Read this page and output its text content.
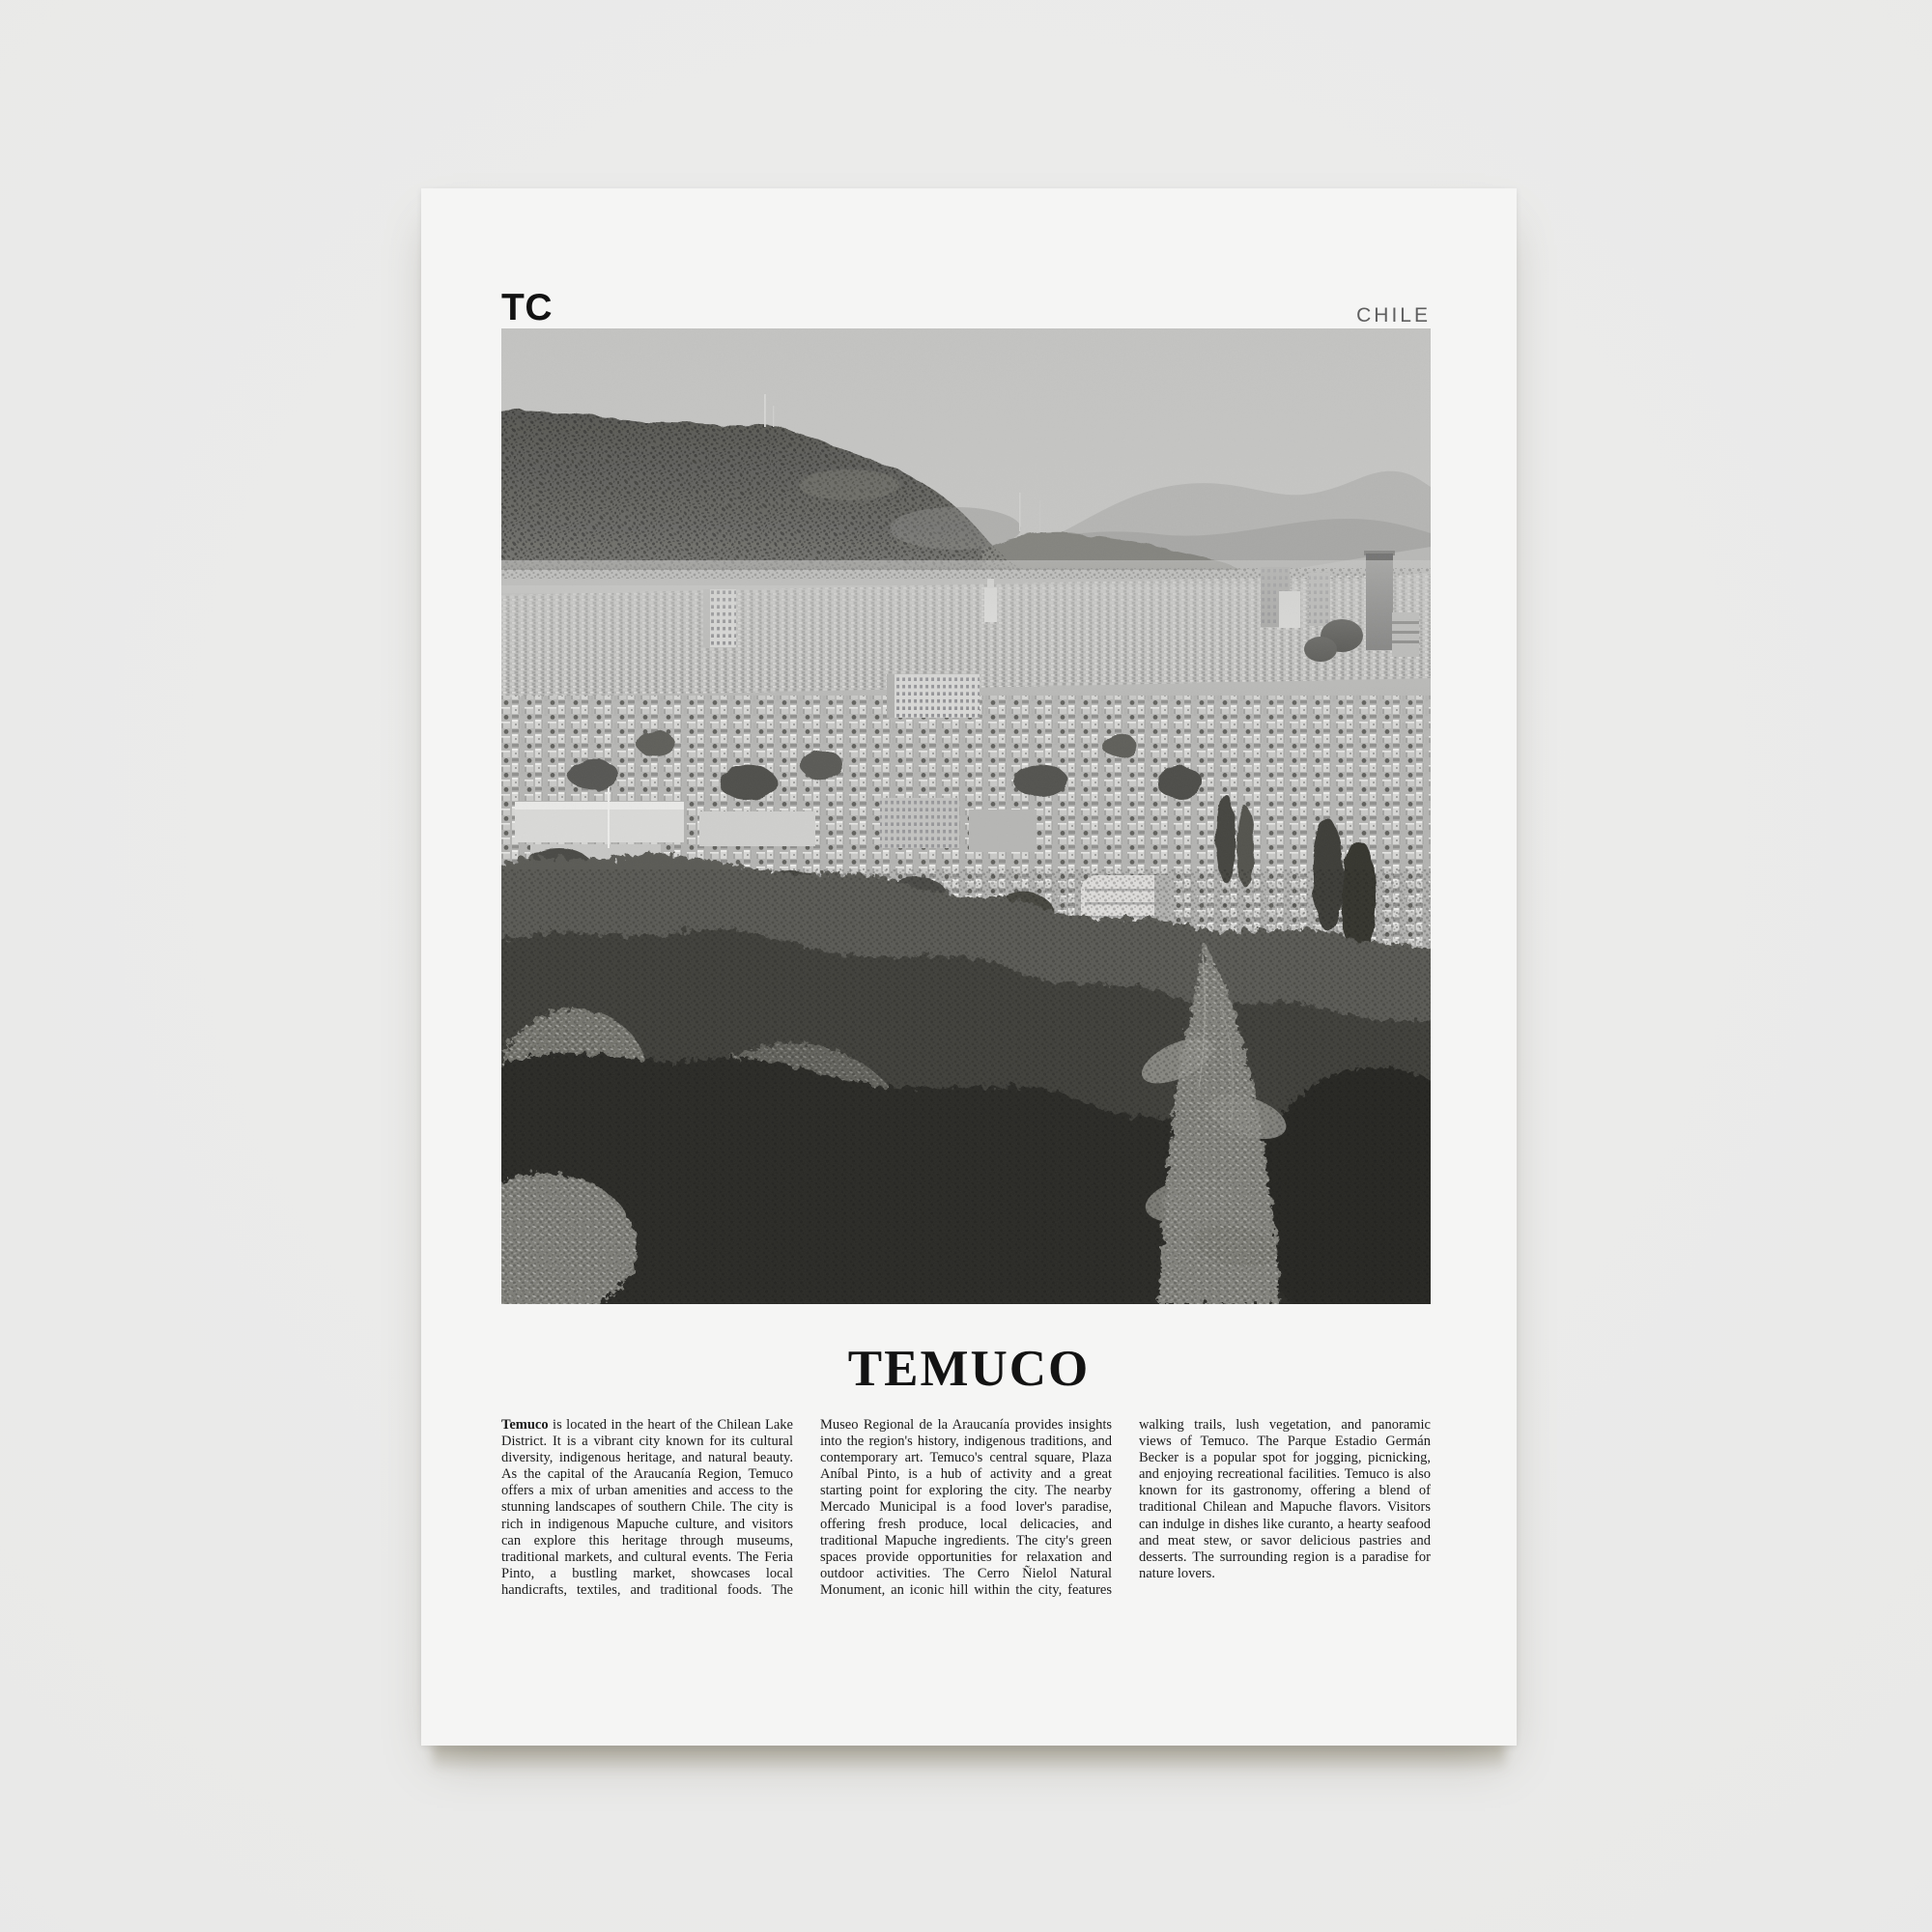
TC	CHILE
TEMUCO
Temuco is located in the heart of the Chilean Lake District. It is a vibrant city known for its cultural diversity, indigenous heritage, and natural beauty. As the capital of the Araucanía Region, Temuco offers a mix of urban amenities and access to the stunning landscapes of southern Chile. The city is rich in indigenous Mapuche culture, and visitors can explore this heritage through museums, traditional markets, and cultural events. The Feria Pinto, a bustling market, showcases local handicrafts, textiles, and traditional foods. The Museo Regional de la Araucanía provides insights into the region's history, indigenous traditions, and contemporary art. Temuco's central square, Plaza Aníbal Pinto, is a hub of activity and a great starting point for exploring the city. The nearby Mercado Municipal is a food lover's paradise, offering fresh produce, local delicacies, and traditional Mapuche ingredients. The city's green spaces provide opportunities for relaxation and outdoor activities. The Cerro Ñielol Natural Monument, an iconic hill within the city, features walking trails, lush vegetation, and panoramic views of Temuco. The Parque Estadio Germán Becker is a popular spot for jogging, picnicking, and enjoying recreational facilities. Temuco is also known for its gastronomy, offering a blend of traditional Chilean and Mapuche flavors. Visitors can indulge in dishes like curanto, a hearty seafood and meat stew, or savor delicious pastries and desserts. The surrounding region is a paradise for nature lovers.
